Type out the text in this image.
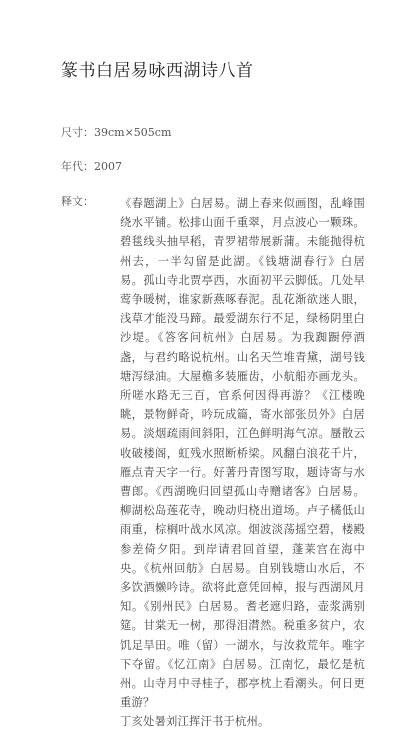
篆书白居易咏西湖诗八首
尺寸：39cm×505cm
年代：2007
释文： 《春题湖上》白居易。湖上春来似画图，乱峰围绕水平铺。松排山面千重翠，月点波心一颗珠。碧毯线头抽早稻，青罗裙带展新蒲。未能抛得杭州去，一半勾留是此湖。《钱塘湖春行》白居易。孤山寺北贾亭西，水面初平云脚低。几处早莺争暖树，谁家新燕啄春泥。乱花渐欲迷人眼，浅草才能没马蹄。最爱湖东行不足，绿杨阴里白沙堤。《答客问杭州》白居易。为我踟蹰停酒盏，与君约略说杭州。山名天竺堆青黛，湖号钱塘泻绿油。大屋檐多装雁齿，小航船亦画龙头。所嗟水路无三百，官系何因得再游？《江楼晚眺，景物鲜奇，吟玩成篇，寄水部张员外》白居易。淡烟疏雨间斜阳，江色鲜明海气凉。蜃散云收破楼阁，虹残水照断桥梁。风翻白浪花千片，雁点青天字一行。好著丹青图写取，题诗寄与水曹郎。《西湖晚归回望孤山寺赠诸客》白居易。柳湖松岛莲花寺，晚动归桡出道场。卢子橘低山雨重，棕榈叶战水风凉。烟波淡荡摇空碧，楼殿参差倚夕阳。到岸请君回首望，蓬莱宫在海中央。《杭州回舫》白居易。自别钱塘山水后，不多饮酒懒吟诗。欲将此意凭回棹，报与西湖风月知。《别州民》白居易。耆老遮归路，壶浆满别筵。甘棠无一树，那得泪潸然。税重多贫户，农饥足旱田。唯（留）一湖水，与汝救荒年。唯字下夺留。《忆江南》白居易。江南忆，最忆是杭州。山寺月中寻桂子，郡亭枕上看潮头。何日更重游？

丁亥处暑刘江挥汗书于杭州。
